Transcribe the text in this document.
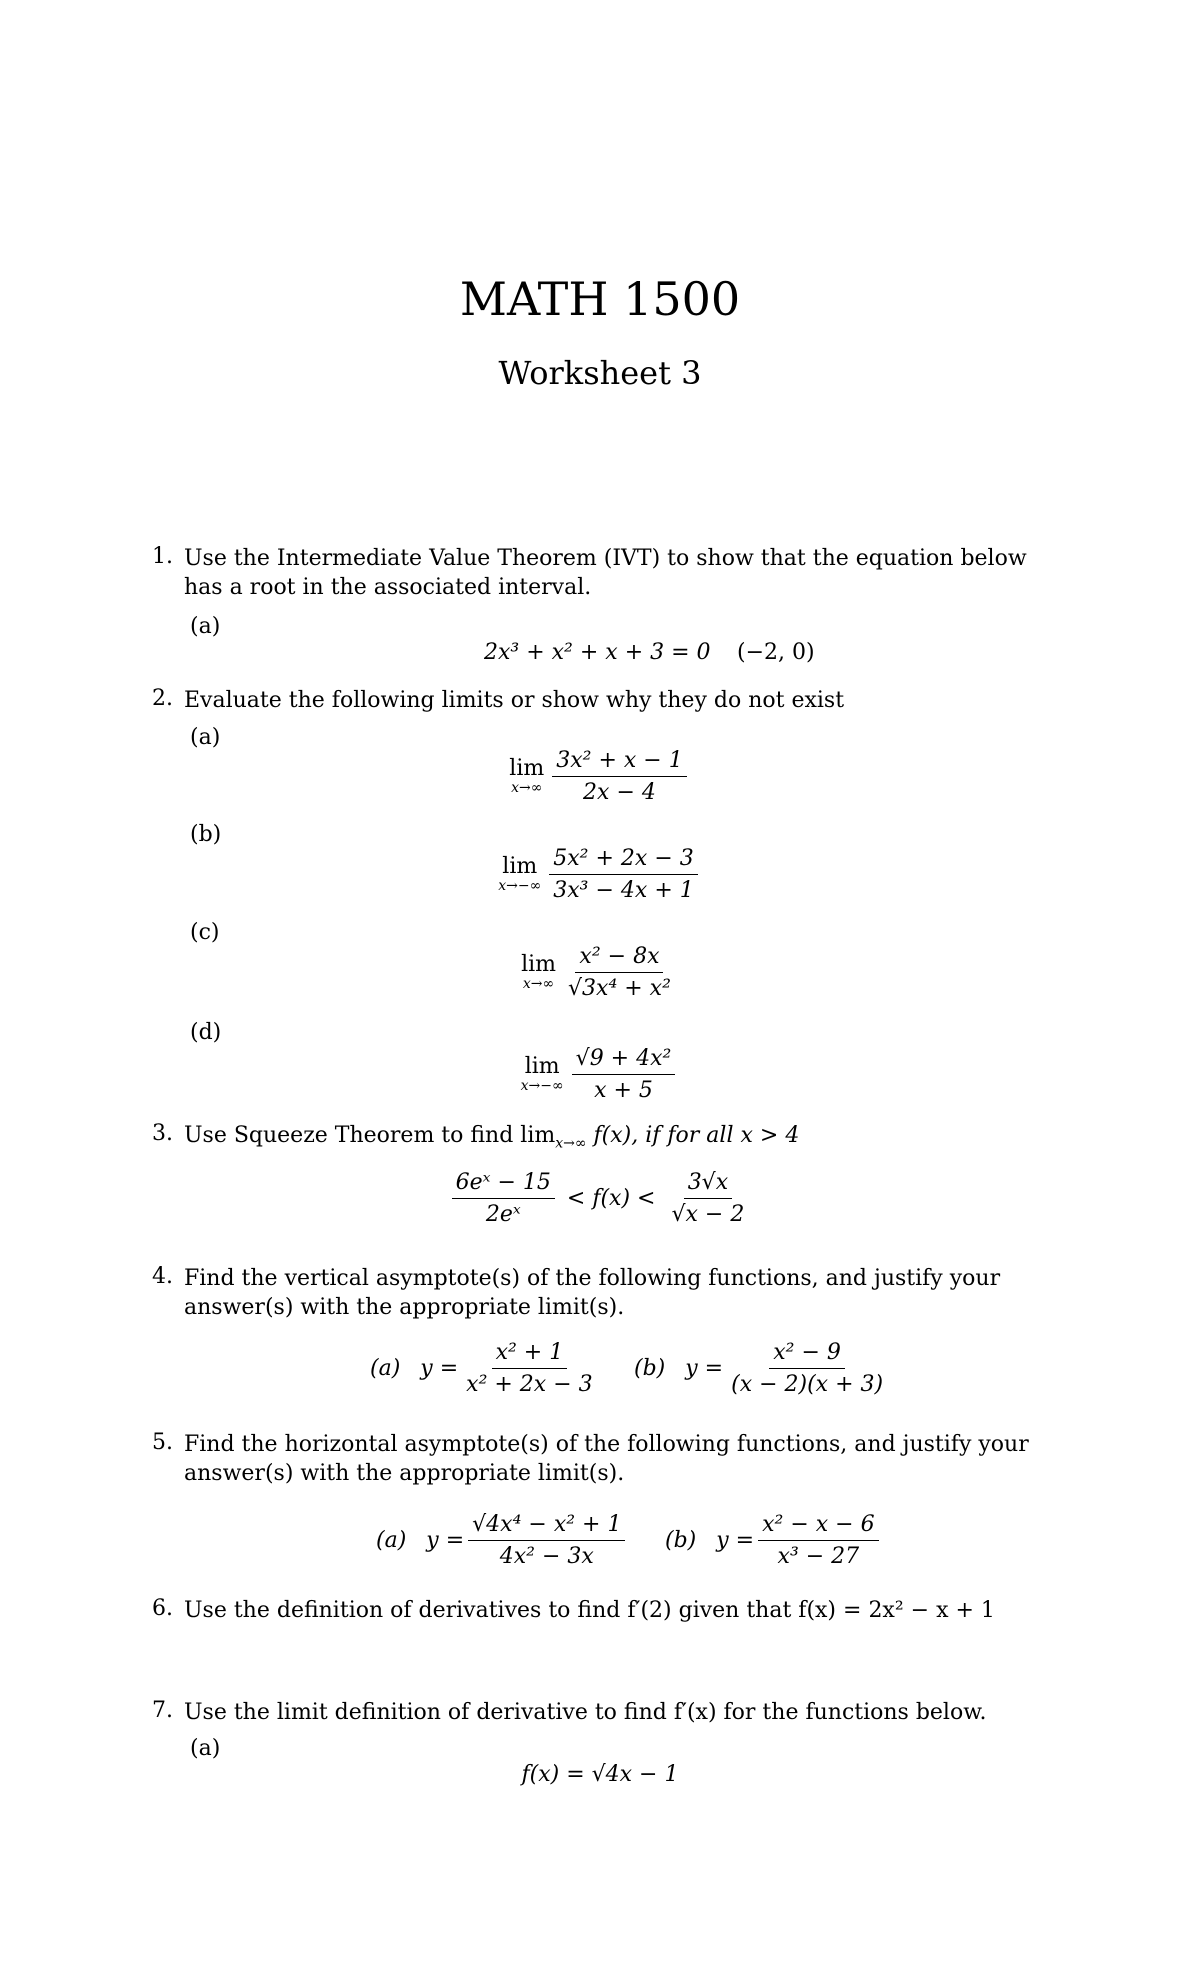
MATH 1500
Worksheet 3
1. Use the Intermediate Value Theorem (IVT) to show that the equation below has a root in the associated interval.
(a)
2x³ + x² + x + 3 = 0 (−2, 0)
2. Evaluate the following limits or show why they do not exist
(a)
lim
$x\to\infty \frac{\text{3x² + x − 1}}{2x - 4}$
(b)
lim
$x\to-\infty \frac{\text{5x² + 2x − 3}}{\text{3x³ − 4x + 1}}$
(c)
lim
$x\to\infty \frac{\text{x² − 8x}}{\text{√3x⁴ + x²}}$
(d)
lim
$x\to-\infty \frac{\text{√9 + 4x²}}{x + 5}$
3. Use Squeeze Theorem to find $\lim_{x\to\infty} f(x)$, if for all x > 4
$\frac{\text{6eˣ − 15}}{\text{2eˣ}} < f(x) < \frac{3√x}{√x - 2}$
4. Find the vertical asymptote(s) of the following functions, and justify your answer(s) with the appropriate limit(s).
(a) $y = \frac{\text{x² + 1}}{\text{x² + 2x − 3}} (b) y = \frac{\text{x² − 9}}{(x - 2)(x + 3)}$
5. Find the horizontal asymptote(s) of the following functions, and justify your answer(s) with the appropriate limit(s).
(a) $y = \frac{\text{√4x⁴ − x² + 1}}{\text{4x² − 3x}} (b) y = \frac{\text{x² − x − 6}}{\text{x³ − 27}}$
6. Use the definition of derivatives to find f′(2) given that f(x) = 2x² − x + 1
7. Use the limit definition of derivative to find f′(x) for the functions below.
(a)
f(x) = √4x − 1
